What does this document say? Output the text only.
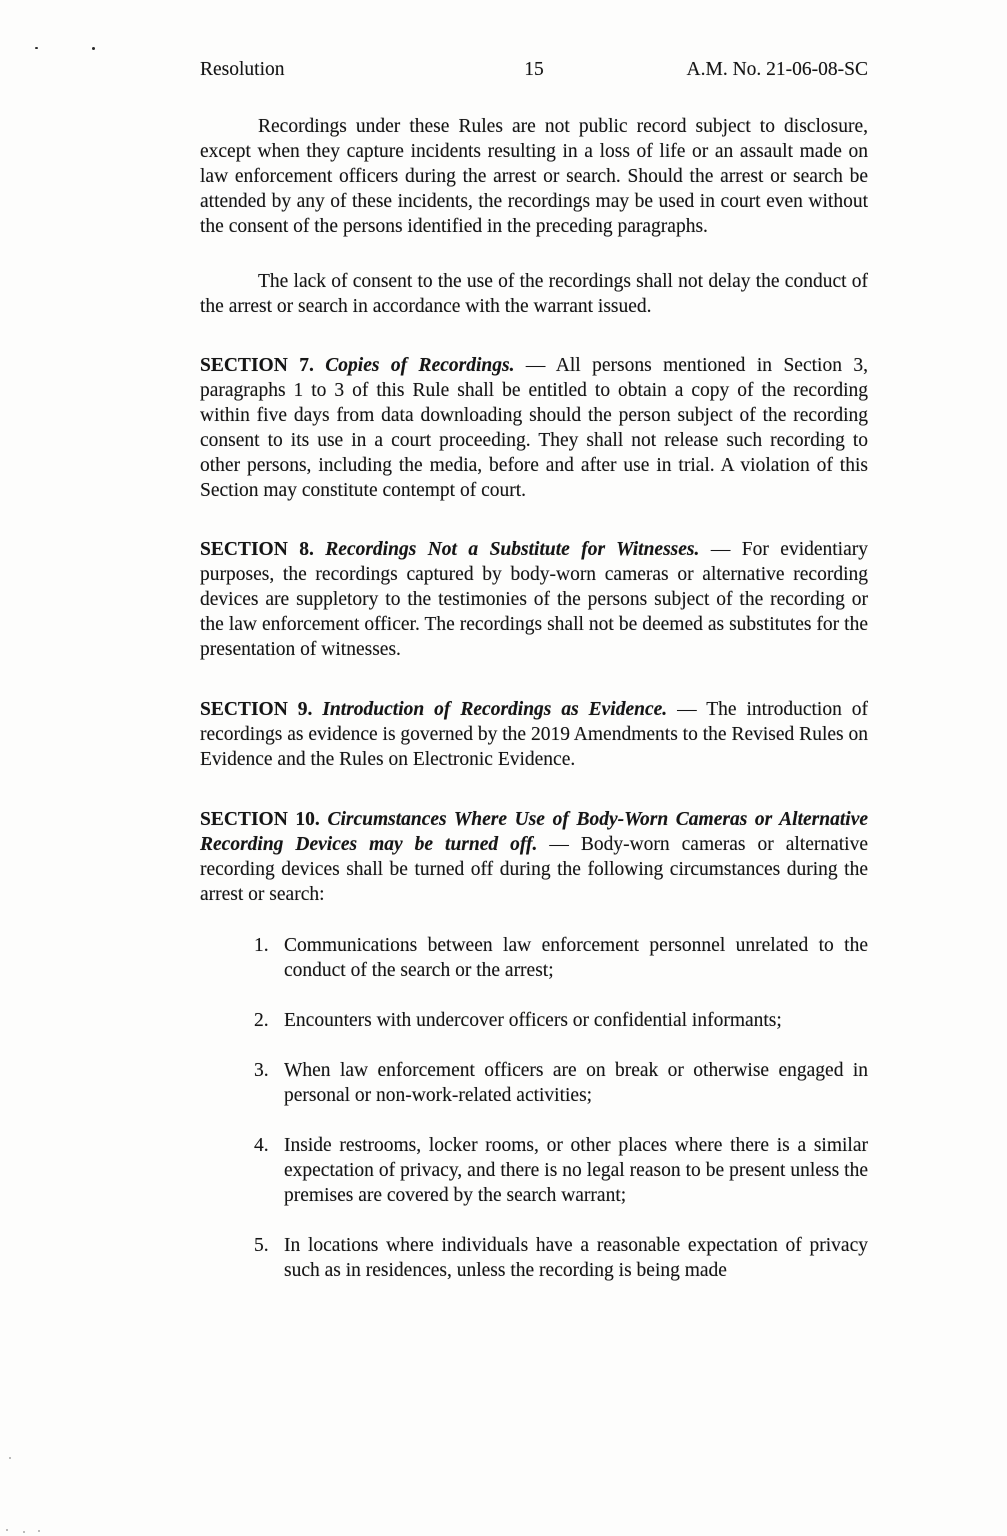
Resolution	15	A.M. No. 21-06-08-SC

Recordings under these Rules are not public record subject to disclosure, except when they capture incidents resulting in a loss of life or an assault made on law enforcement officers during the arrest or search. Should the arrest or search be attended by any of these incidents, the recordings may be used in court even without the consent of the persons identified in the preceding paragraphs.

The lack of consent to the use of the recordings shall not delay the conduct of the arrest or search in accordance with the warrant issued.

SECTION 7. Copies of Recordings. — All persons mentioned in Section 3, paragraphs 1 to 3 of this Rule shall be entitled to obtain a copy of the recording within five days from data downloading should the person subject of the recording consent to its use in a court proceeding. They shall not release such recording to other persons, including the media, before and after use in trial. A violation of this Section may constitute contempt of court.

SECTION 8. Recordings Not a Substitute for Witnesses. — For evidentiary purposes, the recordings captured by body-worn cameras or alternative recording devices are suppletory to the testimonies of the persons subject of the recording or the law enforcement officer. The recordings shall not be deemed as substitutes for the presentation of witnesses.

SECTION 9. Introduction of Recordings as Evidence. — The introduction of recordings as evidence is governed by the 2019 Amendments to the Revised Rules on Evidence and the Rules on Electronic Evidence.

SECTION 10. Circumstances Where Use of Body-Worn Cameras or Alternative Recording Devices may be turned off. — Body-worn cameras or alternative recording devices shall be turned off during the following circumstances during the arrest or search:

1. Communications between law enforcement personnel unrelated to the conduct of the search or the arrest;
2. Encounters with undercover officers or confidential informants;
3. When law enforcement officers are on break or otherwise engaged in personal or non-work-related activities;
4. Inside restrooms, locker rooms, or other places where there is a similar expectation of privacy, and there is no legal reason to be present unless the premises are covered by the search warrant;
5. In locations where individuals have a reasonable expectation of privacy such as in residences, unless the recording is being made
